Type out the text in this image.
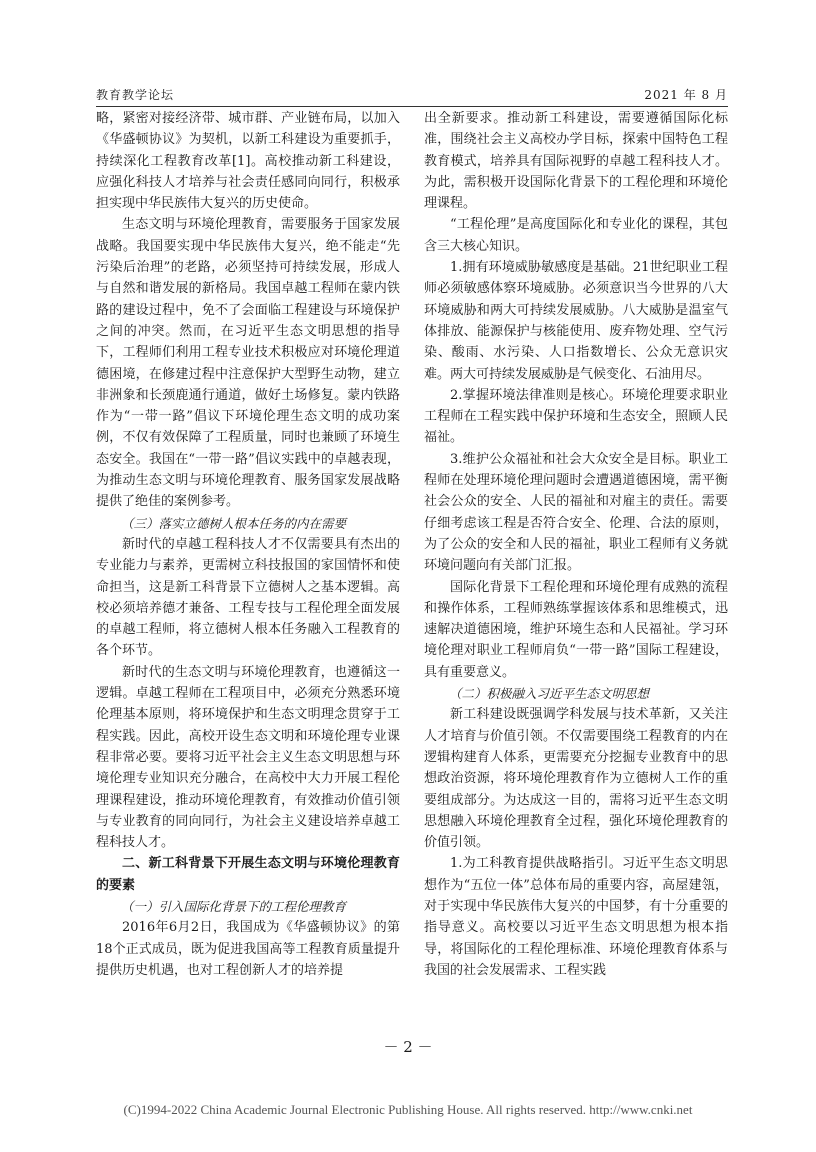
教育教学论坛	2021 年 8 月

略，紧密对接经济带、城市群、产业链布局，以加入《华盛顿协议》为契机，以新工科建设为重要抓手，持续深化工程教育改革[1]。高校推动新工科建设，应强化科技人才培养与社会责任感同向同行，积极承担实现中华民族伟大复兴的历史使命。

生态文明与环境伦理教育，需要服务于国家发展战略。我国要实现中华民族伟大复兴，绝不能走“先污染后治理”的老路，必须坚持可持续发展，形成人与自然和谐发展的新格局。我国卓越工程师在蒙内铁路的建设过程中，免不了会面临工程建设与环境保护之间的冲突。然而，在习近平生态文明思想的指导下，工程师们利用工程专业技术积极应对环境伦理道德困境，在修建过程中注意保护大型野生动物，建立非洲象和长颈鹿通行通道，做好土场修复。蒙内铁路作为“一带一路”倡议下环境伦理生态文明的成功案例，不仅有效保障了工程质量，同时也兼顾了环境生态安全。我国在“一带一路”倡议实践中的卓越表现，为推动生态文明与环境伦理教育、服务国家发展战略提供了绝佳的案例参考。

（三）落实立德树人根本任务的内在需要

新时代的卓越工程科技人才不仅需要具有杰出的专业能力与素养，更需树立科技报国的家国情怀和使命担当，这是新工科背景下立德树人之基本逻辑。高校必须培养德才兼备、工程专技与工程伦理全面发展的卓越工程师，将立德树人根本任务融入工程教育的各个环节。

新时代的生态文明与环境伦理教育，也遵循这一逻辑。卓越工程师在工程项目中，必须充分熟悉环境伦理基本原则，将环境保护和生态文明理念贯穿于工程实践。因此，高校开设生态文明和环境伦理专业课程非常必要。要将习近平社会主义生态文明思想与环境伦理专业知识充分融合，在高校中大力开展工程伦理课程建设，推动环境伦理教育，有效推动价值引领与专业教育的同向同行，为社会主义建设培养卓越工程科技人才。

二、新工科背景下开展生态文明与环境伦理教育的要素
（一）引入国际化背景下的工程伦理教育

2016年6月2日，我国成为《华盛顿协议》的第18个正式成员，既为促进我国高等工程教育质量提升提供历史机遇，也对工程创新人才的培养提

出全新要求。推动新工科建设，需要遵循国际化标准，围绕社会主义高校办学目标，探索中国特色工程教育模式，培养具有国际视野的卓越工程科技人才。为此，需积极开设国际化背景下的工程伦理和环境伦理课程。

“工程伦理”是高度国际化和专业化的课程，其包含三大核心知识。

1.拥有环境威胁敏感度是基础。21世纪职业工程师必须敏感体察环境威胁。必须意识当今世界的八大环境威胁和两大可持续发展威胁。八大威胁是温室气体排放、能源保护与核能使用、废弃物处理、空气污染、酸雨、水污染、人口指数增长、公众无意识灾难。两大可持续发展威胁是气候变化、石油用尽。

2.掌握环境法律准则是核心。环境伦理要求职业工程师在工程实践中保护环境和生态安全，照顾人民福祉。

3.维护公众福祉和社会大众安全是目标。职业工程师在处理环境伦理问题时会遭遇道德困境，需平衡社会公众的安全、人民的福祉和对雇主的责任。需要仔细考虑该工程是否符合安全、伦理、合法的原则，为了公众的安全和人民的福祉，职业工程师有义务就环境问题向有关部门汇报。

国际化背景下工程伦理和环境伦理有成熟的流程和操作体系，工程师熟练掌握该体系和思维模式，迅速解决道德困境，维护环境生态和人民福祉。学习环境伦理对职业工程师肩负“一带一路”国际工程建设，具有重要意义。

（二）积极融入习近平生态文明思想

新工科建设既强调学科发展与技术革新，又关注人才培育与价值引领。不仅需要围绕工程教育的内在逻辑构建育人体系，更需要充分挖掘专业教育中的思想政治资源，将环境伦理教育作为立德树人工作的重要组成部分。为达成这一目的，需将习近平生态文明思想融入环境伦理教育全过程，强化环境伦理教育的价值引领。

1.为工科教育提供战略指引。习近平生态文明思想作为“五位一体”总体布局的重要内容，高屋建瓴，对于实现中华民族伟大复兴的中国梦，有十分重要的指导意义。高校要以习近平生态文明思想为根本指导，将国际化的工程伦理标准、环境伦理教育体系与我国的社会发展需求、工程实践

－ 2 －
(C)1994-2022 China Academic Journal Electronic Publishing House. All rights reserved. http://www.cnki.net
